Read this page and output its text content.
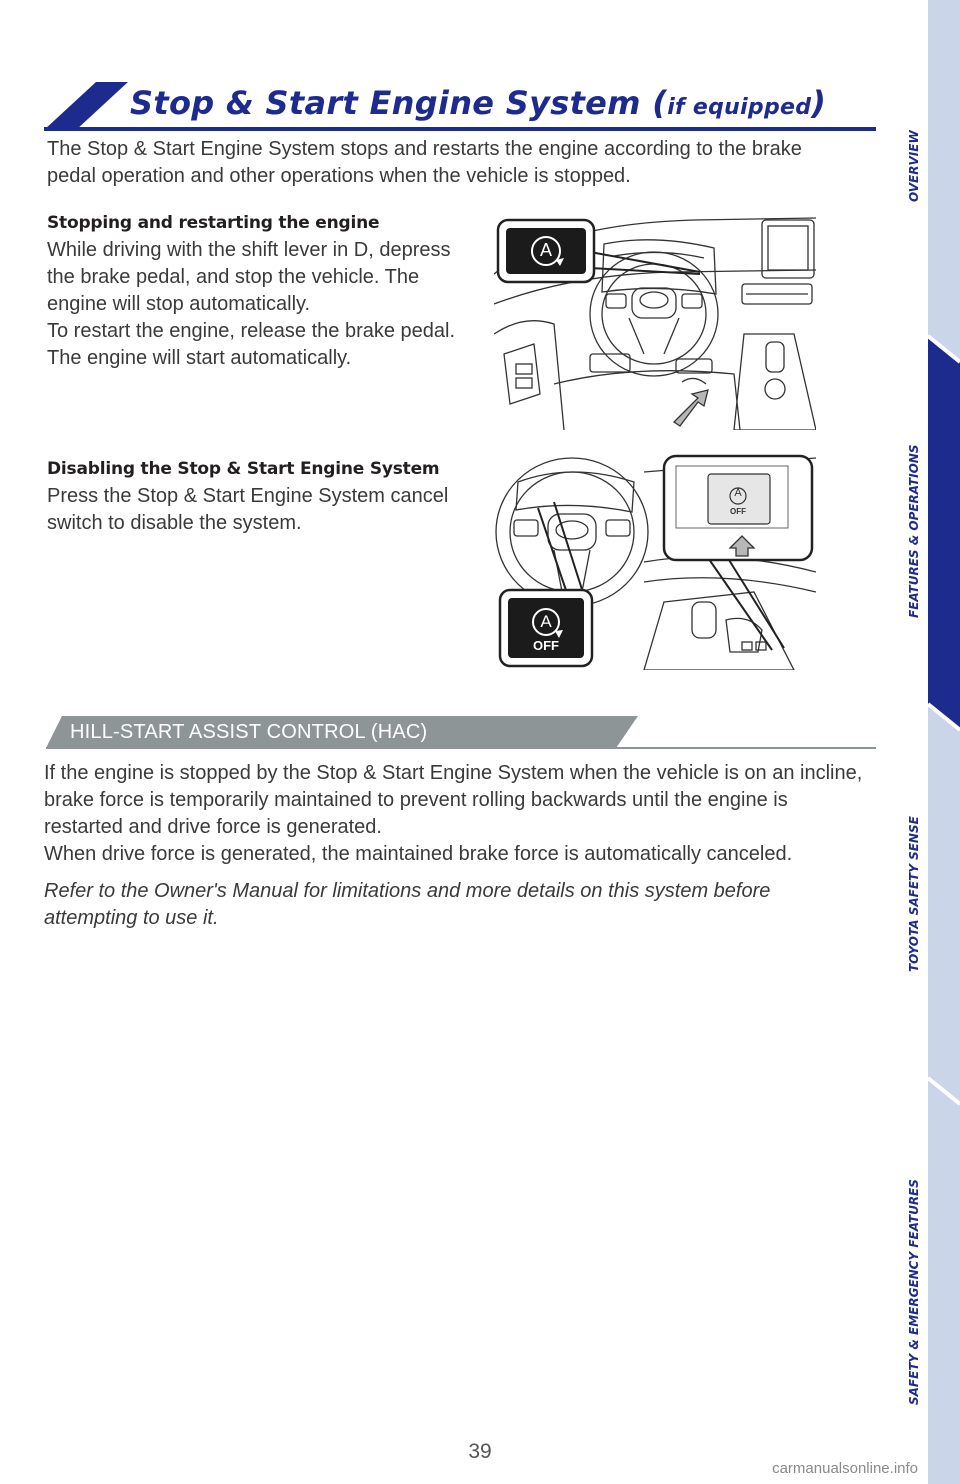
Stop & Start Engine System (if equipped)
The Stop & Start Engine System stops and restarts the engine according to the brake pedal operation and other operations when the vehicle is stopped.
Stopping and restarting the engine

While driving with the shift lever in D, depress the brake pedal, and stop the vehicle. The engine will stop automatically.

To restart the engine, release the brake pedal. The engine will start automatically.

A
Disabling the Stop & Start Engine System

Press the Stop & Start Engine System cancel switch to disable the system.

A
OFF
A
OFF
HILL-START ASSIST CONTROL (HAC)

If the engine is stopped by the Stop & Start Engine System when the vehicle is on an incline, brake force is temporarily maintained to prevent rolling backwards until the engine is restarted and drive force is generated.

When drive force is generated, the maintained brake force is automatically canceled.

Refer to the Owner's Manual for limitations and more details on this system before attempting to use it.

39
carmanualsonline.info
OVERVIEW
FEATURES & OPERATIONS
TOYOTA SAFETY SENSE
SAFETY & EMERGENCY FEATURES
